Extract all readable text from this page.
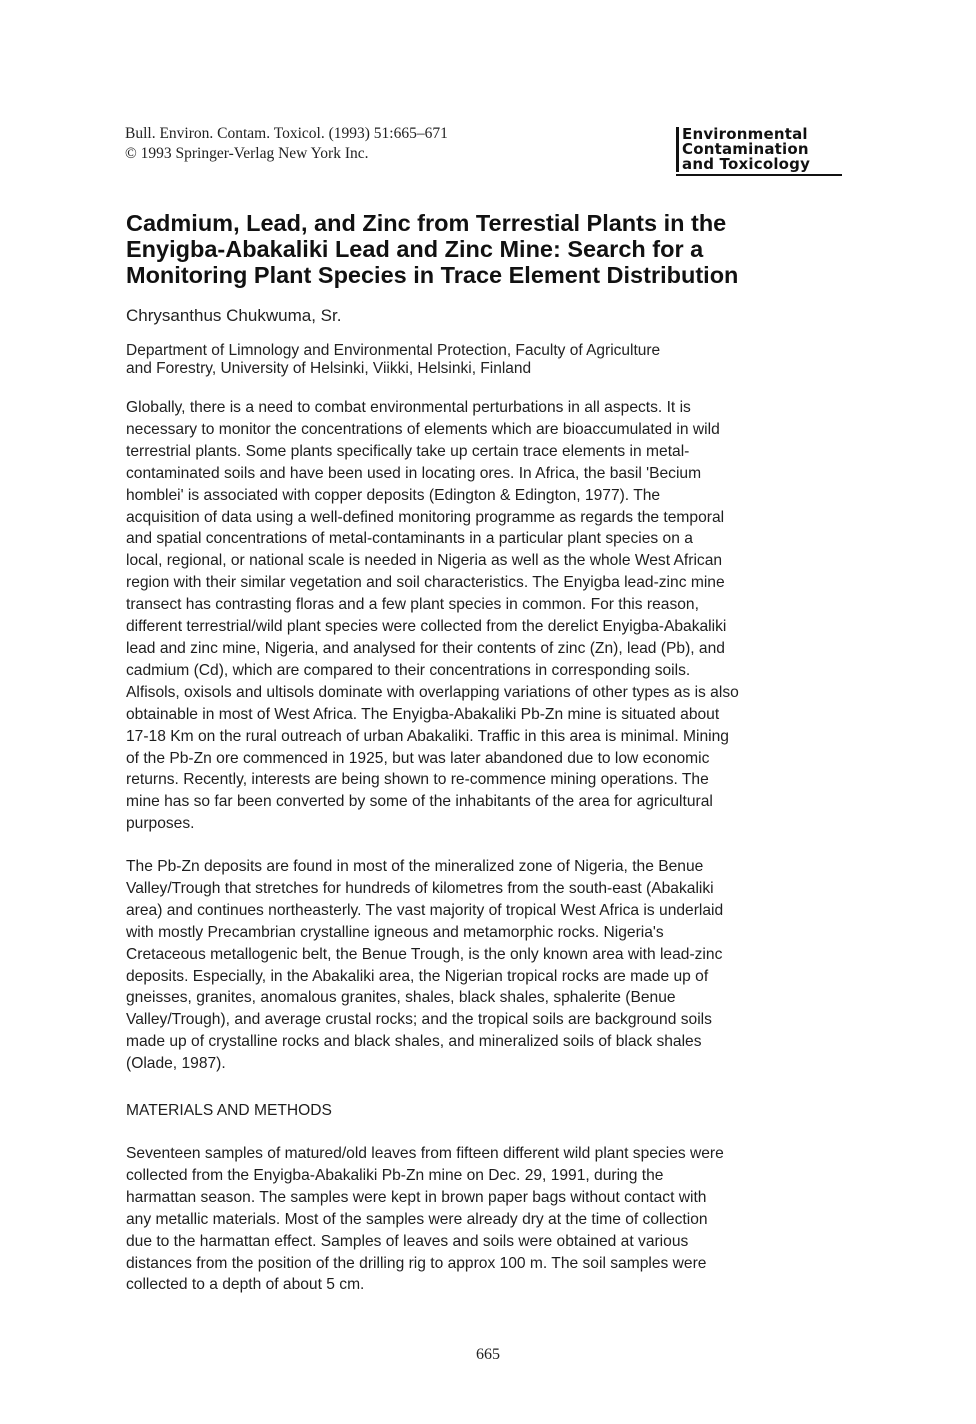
Bull. Environ. Contam. Toxicol. (1993) 51:665–671
© 1993 Springer-Verlag New York Inc.
Environmental
Contamination
and Toxicology
Cadmium, Lead, and Zinc from Terrestial Plants in the
Enyigba-Abakaliki Lead and Zinc Mine: Search for a
Monitoring Plant Species in Trace Element Distribution
Chrysanthus Chukwuma, Sr.
Department of Limnology and Environmental Protection, Faculty of Agriculture
and Forestry, University of Helsinki, Viikki, Helsinki, Finland
Globally, there is a need to combat environmental perturbations in all aspects. It is
necessary to monitor the concentrations of elements which are bioaccumulated in wild
terrestrial plants. Some plants specifically take up certain trace elements in metal-
contaminated soils and have been used in locating ores. In Africa, the basil 'Becium
homblei' is associated with copper deposits (Edington & Edington, 1977). The
acquisition of data using a well-defined monitoring programme as regards the temporal
and spatial concentrations of metal-contaminants in a particular plant species on a
local, regional, or national scale is needed in Nigeria as well as the whole West African
region with their similar vegetation and soil characteristics. The Enyigba lead-zinc mine
transect has contrasting floras and a few plant species in common. For this reason,
different terrestrial/wild plant species were collected from the derelict Enyigba-Abakaliki
lead and zinc mine, Nigeria, and analysed for their contents of zinc (Zn), lead (Pb), and
cadmium (Cd), which are compared to their concentrations in corresponding soils.
Alfisols, oxisols and ultisols dominate with overlapping variations of other types as is also
obtainable in most of West Africa. The Enyigba-Abakaliki Pb-Zn mine is situated about
17-18 Km on the rural outreach of urban Abakaliki. Traffic in this area is minimal. Mining
of the Pb-Zn ore commenced in 1925, but was later abandoned due to low economic
returns. Recently, interests are being shown to re-commence mining operations. The
mine has so far been converted by some of the inhabitants of the area for agricultural
purposes.
The Pb-Zn deposits are found in most of the mineralized zone of Nigeria, the Benue
Valley/Trough that stretches for hundreds of kilometres from the south-east (Abakaliki
area) and continues northeasterly. The vast majority of tropical West Africa is underlaid
with mostly Precambrian crystalline igneous and metamorphic rocks. Nigeria's
Cretaceous metallogenic belt, the Benue Trough, is the only known area with lead-zinc
deposits. Especially, in the Abakaliki area, the Nigerian tropical rocks are made up of
gneisses, granites, anomalous granites, shales, black shales, sphalerite (Benue
Valley/Trough), and average crustal rocks; and the tropical soils are background soils
made up of crystalline rocks and black shales, and mineralized soils of black shales
(Olade, 1987).
MATERIALS AND METHODS
Seventeen samples of matured/old leaves from fifteen different wild plant species were
collected from the Enyigba-Abakaliki Pb-Zn mine on Dec. 29, 1991, during the
harmattan season. The samples were kept in brown paper bags without contact with
any metallic materials. Most of the samples were already dry at the time of collection
due to the harmattan effect. Samples of leaves and soils were obtained at various
distances from the position of the drilling rig to approx 100 m. The soil samples were
collected to a depth of about 5 cm.
665
